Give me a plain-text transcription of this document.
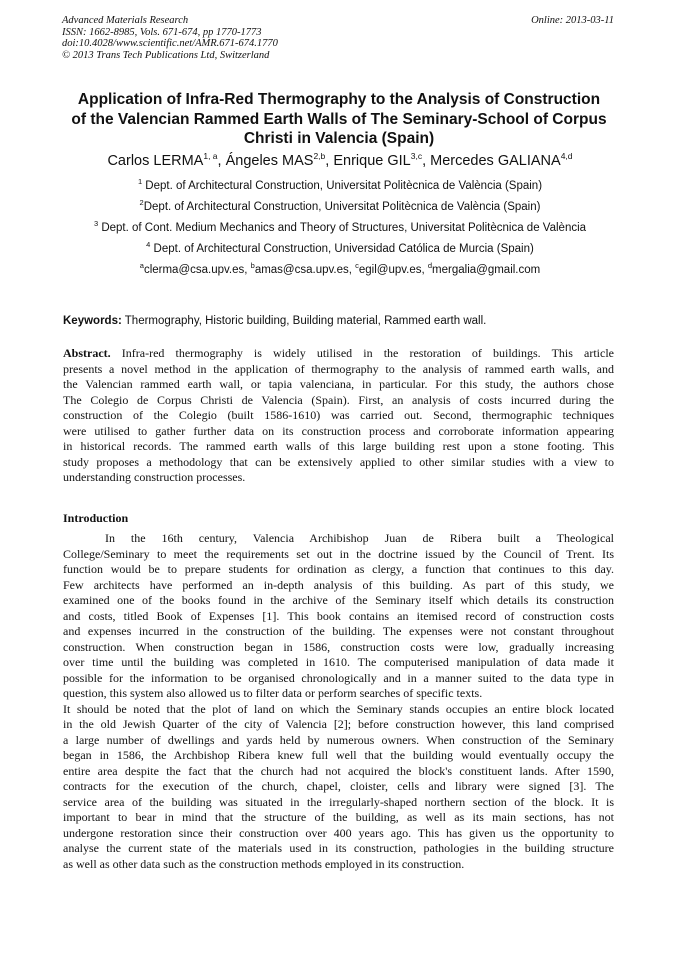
Advanced Materials Research
ISSN: 1662-8985, Vols. 671-674, pp 1770-1773
doi:10.4028/www.scientific.net/AMR.671-674.1770
© 2013 Trans Tech Publications Ltd, Switzerland
Online: 2013-03-11
Application of Infra-Red Thermography to the Analysis of Construction
of the Valencian Rammed Earth Walls of The Seminary-School of Corpus
Christi in Valencia (Spain)
Carlos LERMA$^{1, a}$, Ángeles MAS$^{2,b}$, Enrique GIL$^{3,c}$, Mercedes GALIANA$^{4,d}$
$^1$ Dept. of Architectural Construction, Universitat Politècnica de València (Spain)
$^2$Dept. of Architectural Construction, Universitat Politècnica de València (Spain)
$^3$ Dept. of Cont. Medium Mechanics and Theory of Structures, Universitat Politècnica de València
$^4$ Dept. of Architectural Construction, Universidad Católica de Murcia (Spain)
$^a$clerma@csa.upv.es, $^b$amas@csa.upv.es, $^c$egil@upv.es, $^d$mergalia@gmail.com
Keywords: Thermography, Historic building, Building material, Rammed earth wall.
Abstract. Infra-red thermography is widely utilised in the restoration of buildings. This article
presents a novel method in the application of thermography to the analysis of rammed earth walls, and
the Valencian rammed earth wall, or tapia valenciana, in particular. For this study, the authors chose
The Colegio de Corpus Christi de Valencia (Spain). First, an analysis of costs incurred during the
construction of the Colegio (built 1586-1610) was carried out. Second, thermographic techniques
were utilised to gather further data on its construction process and corroborate information appearing
in historical records. The rammed earth walls of this large building rest upon a stone footing. This
study proposes a methodology that can be extensively applied to other similar studies with a view to
understanding construction processes.
Introduction
In the 16th century, Valencia Archibishop Juan de Ribera built a Theological
College/Seminary to meet the requirements set out in the doctrine issued by the Council of Trent. Its
function would be to prepare students for ordination as clergy, a function that continues to this day.
Few architects have performed an in-depth analysis of this building. As part of this study, we
examined one of the books found in the archive of the Seminary itself which details its construction
and costs, titled Book of Expenses [1]. This book contains an itemised record of construction costs
and expenses incurred in the construction of the building. The expenses were not constant throughout
construction. When construction began in 1586, construction costs were low, gradually increasing
over time until the building was completed in 1610. The computerised manipulation of data made it
possible for the information to be organised chronologically and in a manner suited to the data type in
question, this system also allowed us to filter data or perform searches of specific texts.
It should be noted that the plot of land on which the Seminary stands occupies an entire block located
in the old Jewish Quarter of the city of Valencia [2]; before construction however, this land comprised
a large number of dwellings and yards held by numerous owners. When construction of the Seminary
began in 1586, the Archbishop Ribera knew full well that the building would eventually occupy the
entire area despite the fact that the church had not acquired the block's constituent lands. After 1590,
contracts for the execution of the church, chapel, cloister, cells and library were signed [3]. The
service area of the building was situated in the irregularly-shaped northern section of the block. It is
important to bear in mind that the structure of the building, as well as its main sections, has not
undergone restoration since their construction over 400 years ago. This has given us the opportunity to
analyse the current state of the materials used in its construction, pathologies in the building structure
as well as other data such as the construction methods employed in its construction.
